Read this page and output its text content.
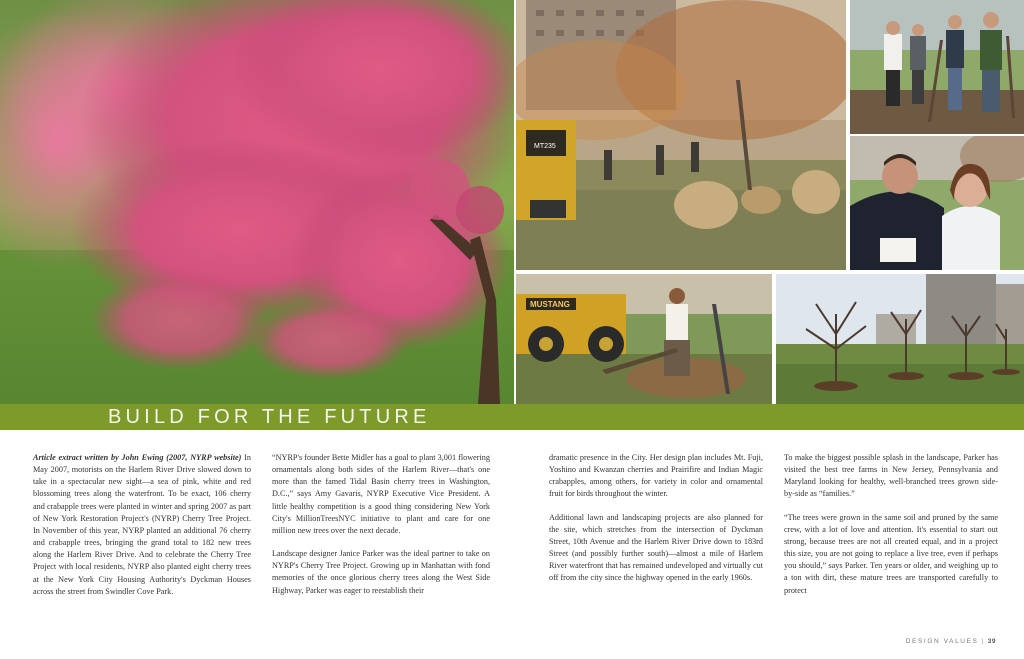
MT235
MUSTANG
BUILD FOR THE FUTURE

Article extract written by John Ewing (2007, NYRP website) In May 2007, motorists on the Harlem River Drive slowed down to take in a spectacular new sight—a sea of pink, white and red blossoming trees along the waterfront. To be exact, 106 cherry and crabapple trees were planted in winter and spring 2007 as part of New York Restoration Project's (NYRP) Cherry Tree Project. In November of this year, NYRP planted an additional 76 cherry and crabapple trees, bringing the grand total to 182 new trees along the Harlem River Drive. And to celebrate the Cherry Tree Project with local residents, NYRP also planted eight cherry trees at the New York City Housing Authority's Dyckman Houses across the street from Swindler Cove Park.

“NYRP's founder Bette Midler has a goal to plant 3,001 flowering ornamentals along both sides of the Harlem River—that's one more than the famed Tidal Basin cherry trees in Washington, D.C.,” says Amy Gavaris, NYRP Executive Vice President. A little healthy competition is a good thing considering New York City's MillionTreesNYC initiative to plant and care for one million new trees over the next decade.

Landscape designer Janice Parker was the ideal partner to take on NYRP's Cherry Tree Project. Growing up in Manhattan with fond memories of the once glorious cherry trees along the West Side Highway, Parker was eager to reestablish their

dramatic presence in the City. Her design plan includes Mt. Fuji, Yoshino and Kwanzan cherries and Prairifire and Indian Magic crabapples, among others, for variety in color and ornamental fruit for birds throughout the winter.

Additional lawn and landscaping projects are also planned for the site, which stretches from the intersection of Dyckman Street, 10th Avenue and the Harlem River Drive down to 183rd Street (and possibly further south)—almost a mile of Harlem River waterfront that has remained undeveloped and virtually cut off from the city since the highway opened in the early 1960s.

To make the biggest possible splash in the landscape, Parker has visited the best tree farms in New Jersey, Pennsylvania and Maryland looking for healthy, well-branched trees grown side-by-side as “families.”

“The trees were grown in the same soil and pruned by the same crew, with a lot of love and attention. It's essential to start out strong, because trees are not all created equal, and in a project this size, you are not going to replace a live tree, even if perhaps you should,” says Parker. Ten years or older, and weighing up to a ton with dirt, these mature trees are transported carefully to protect

DESIGN VALUES | 39
